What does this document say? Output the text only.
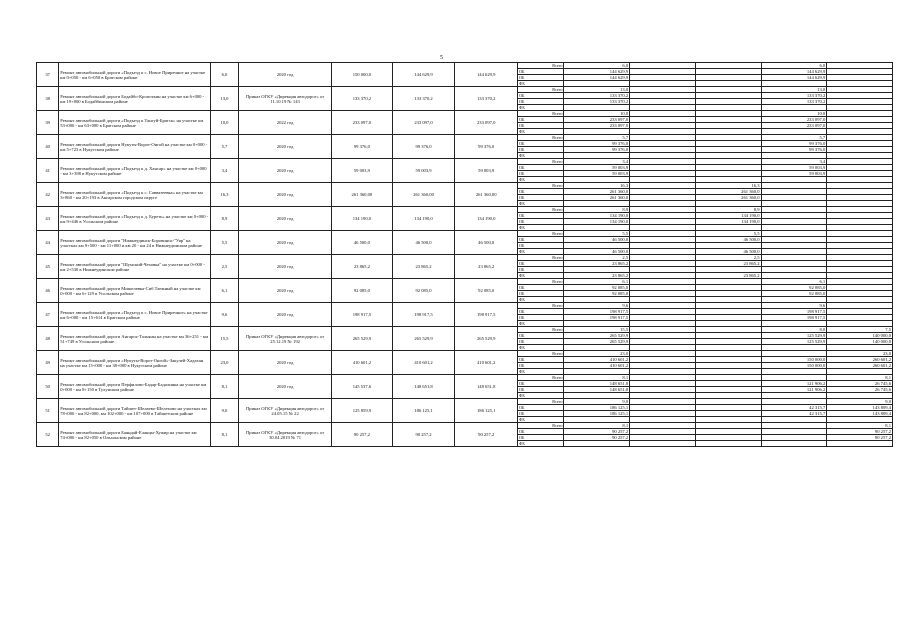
5
37	Ремонт автомобильной дороги «Подъезд к с. Новое Приречное на участке км 0+050 - км 6+050 в Братском районе	6,0	2020 год	150 000,0	144 629,9	144 629,9	Всего	6,0			6,0	
							ОБ	144 629,9			144 629,9	
							ОБ	144 629,9			144 629,9	
							ФБ					
38	Ремонт автомобильной дороги Бодайбо-Кропоткин на участке км 6+000 - км 19+000 в Бодайбинском районе	13,0	Приказ ОГКУ «Дирекция автодорог» от 11.10.19 № 143	133 370,2	133 370,2	133 370,2	Всего	13,0			13,0	
							ОБ	133 370,2			133 370,2	
							ОБ	133 370,2			133 370,2	
							ФБ					
39	Ремонт автомобильной дороги «Подъезд к Тангуй-Братск» на участке км 53+000 - км 63+000 в Братском районе	10,0	2022 год	233 097,0	233 097,0	233 097,0	Всего	10,0			10,0	
							ОБ	233 097,0			233 097,0	
							ОБ	233 097,0			233 097,0	
							ФБ					
40	Ремонт автомобильной дороги Нукуты-Ворот-Онгой на участке км 0+000 - км 5+723 в Нукутском районе	5,7	2020 год	99 376,0	99 376,0	99 376,0	Всего	5,7			5,7	
							ОБ	99 376,0			99 376,0	
							ОБ	99 376,0			99 376,0	
							ФБ					
41	Ремонт автомобильной дороги «Подъезд к д. Хансар» на участке км 0+000 - км 3+398 в Нукутском районе	3,4	2020 год	59 003,9	59 003,9	59 003,9	Всего	3,4			3,4	
							ОБ	59 003,9			59 003,9	
							ОБ	59 003,9			59 003,9	
							ФБ					
42	Ремонт автомобильной дороги «Подъезд к с. Савватеевка» на участке км 3+860 - км 20+193 в Ангарском городском округе	16,3	2020 год	261 360,00	261 360,00	261 360,00	Всего	16,3		16,3		
							ОБ	261 360,0		261 360,0		
							ОБ	261 360,0		261 360,0		
							ФБ					
43	Ремонт автомобильной дороги «Подъезд к д. Буреть» на участке км 0+000 - км 9+446 в Усольском районе	8,9	2020 год	134 190,0	134 190,0	134 190,0	Всего	8,9		8,9		
							ОБ	134 190,0		134 190,0		
							ОБ	134 190,0		134 190,0		
							ФБ					
44	Ремонт автомобильной дороги "Нижнеудинск-Боровинск-"Уяр" на участках км 9+500 - км 11+000 и км 20 - км 24 в Нижнеудинском районе	5,5	2020 год	46 500,0	46 500,0	46 500,0	Всего	5,5		5,5		
							ОБ	46 500,0		46 500,0		
							ОБ					
							ФБ	46 500,0		46 500,0		
45	Ремонт автомобильной дороги "Шумский-Чеховка" на участке км 0+000 - км 2+530 в Нижнеудинском районе	2,5	2020 год	23 865,2	23 865,2	23 865,2	Всего	2,5		2,5		
							ОБ	23 865,2		23 865,2		
							ОБ					
							ФБ	23 865,2		23 865,2		
46	Ремонт автомобильной дороги Мишелевка-Сиб.Таежный на участке км 0+000 - км 6+129 в Усольском районе	6,1	2020 год	92 085,0	92 085,0	92 085,0	Всего	6,1			6,1	
							ОБ	92 085,0			92 085,0	
							ОБ	92 085,0			92 085,0	
							ФБ					
47	Ремонт автомобильной дороги «Подъезд к с. Новое Приречное» на участке км 6+000 - км 15+614 в Братском районе	9,6	2020 год	198 917,5	198 917,5	198 917,5	Всего	9,6			9,6	
							ОБ	198 917,5			198 917,5	
							ОБ	198 917,5			198 917,5	
							ФБ					
48	Ремонт автомобильной дороги Ангарск-Тальяны на участке км 36+251 - км 51+749 в Усольском районе	15,5	Приказ ОГКУ «Дирекция автодорог» от 25.12.19 № 192	265 529,9	265 529,9	265 529,9	Всего	15,5			8,0	7,5
							ОБ	265 529,9			125 529,9	140 000,0
							ОБ	265 529,9			125 529,9	140 000,0
							ФБ					
49	Ремонт автомобильной дороги «Нукуты-Ворот-Онгой»-Закулей-Хадахан на участке км 15+000 - км 38+000 в Нукутском районе	23,0	2020 год	410 601,2	410 601,2	410 601,2	Всего	23,0				23,0
							ОБ	410 601,2			150 000,0	260 601,2
							ОБ	410 601,2			150 000,0	260 601,2
							ФБ					
50	Ремонт автомобильной дороги Перфилово-Бадар-Бадалинка на участке км 0+000 - км 8+150 в Тулунском районе	8,1	2020 год	145 537,6	148 651,8	148 651,8	Всего	8,1				8,1
							ОБ	148 651,8			121 906,2	26 745,6
							ОБ	148 651,8			121 906,2	26 745,6
							ФБ					
51	Ремонт автомобильной дороги Тайшет-Шелаево-Шелехово на участках км 78+000 - км 82+000, км 102+000 - км 107+000 в Тайшетском районе	9,0	Приказ ОГКУ «Дирекция автодорог» от 24.05.15 № 22	125 859,9	186 125,1	186 125,1	Всего	9,0				9,0
							ОБ	186 125,1			42 315,7	143 809,4
							ОБ	186 125,1			42 315,7	143 809,4
							ФБ					
52	Ремонт автомобильной дороги Баяндай-Еланцы-Хужир на участке км 74+000 - км 82+050 в Ольхонском районе	8,1	Приказ ОГКУ «Дирекция автодорог» от 30.04.2019 № 71	90 257,2	90 257,2	90 257,2	Всего	8,1				8,1
							ОБ	90 257,2				90 257,2
							ОБ	90 257,2				90 257,2
							ФБ					
